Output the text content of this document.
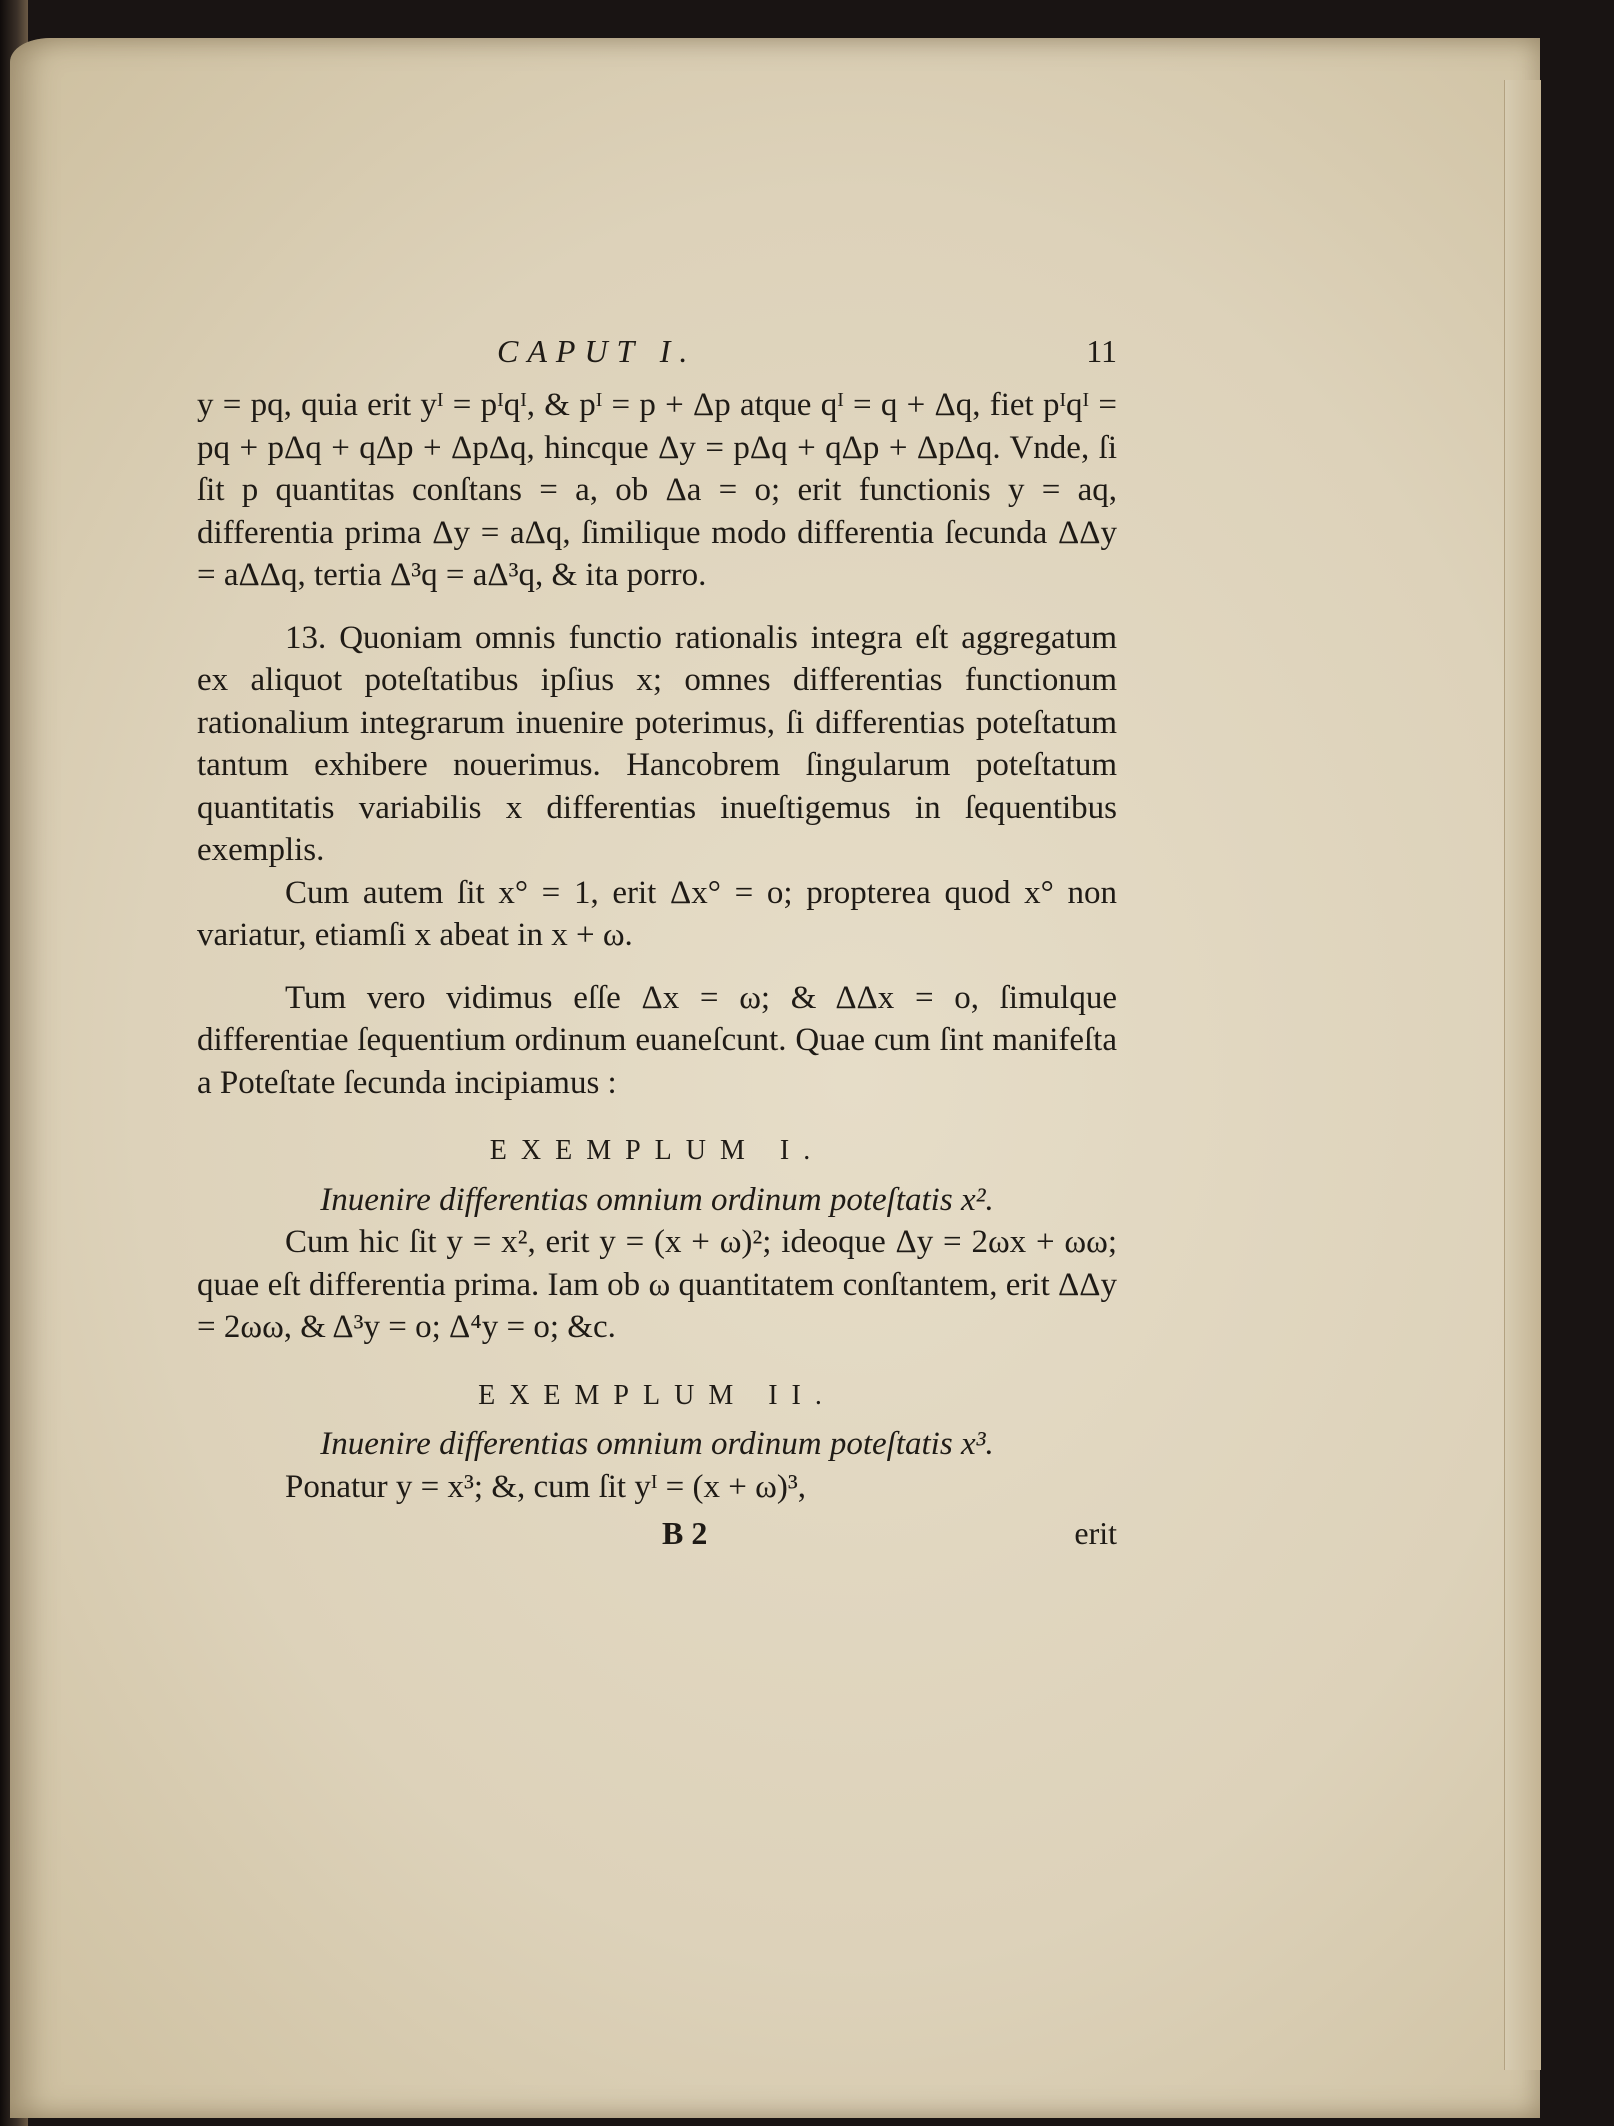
CAPUT I.	11

y = pq, quia erit yᴵ = pᴵqᴵ, & pᴵ = p + Δp atque qᴵ = q + Δq, fiet pᴵqᴵ = pq + pΔq + qΔp + ΔpΔq, hincque Δy = pΔq + qΔp + ΔpΔq. Vnde, ſi ſit p quantitas conſtans = a, ob Δa = o; erit functionis y = aq, differentia prima Δy = aΔq, ſimilique modo differentia ſecunda ΔΔy = aΔΔq, tertia Δ³q = aΔ³q, & ita porro.

13. Quoniam omnis functio rationalis integra eſt aggregatum ex aliquot poteſtatibus ipſius x; omnes differentias functionum rationalium integrarum inuenire poterimus, ſi differentias poteſtatum tantum exhibere nouerimus. Hancobrem ſingularum poteſtatum quantitatis variabilis x differentias inueſtigemus in ſequentibus exemplis.

Cum autem ſit x° = 1, erit Δx° = o; propterea quod x° non variatur, etiamſi x abeat in x + ω.

Tum vero vidimus eſſe Δx = ω; & ΔΔx = o, ſimulque differentiae ſequentium ordinum euaneſcunt. Quae cum ſint manifeſta a Poteſtate ſecunda incipiamus :

EXEMPLUM I.

Inuenire differentias omnium ordinum poteſtatis x².

Cum hic ſit y = x², erit y = (x + ω)²; ideoque Δy = 2ωx + ωω; quae eſt differentia prima. Iam ob ω quantitatem conſtantem, erit ΔΔy = 2ωω, & Δ³y = o; Δ⁴y = o; &c.

EXEMPLUM II.

Inuenire differentias omnium ordinum poteſtatis x³.

Ponatur y = x³; &, cum ſit yᴵ = (x + ω)³,

B 2	erit
